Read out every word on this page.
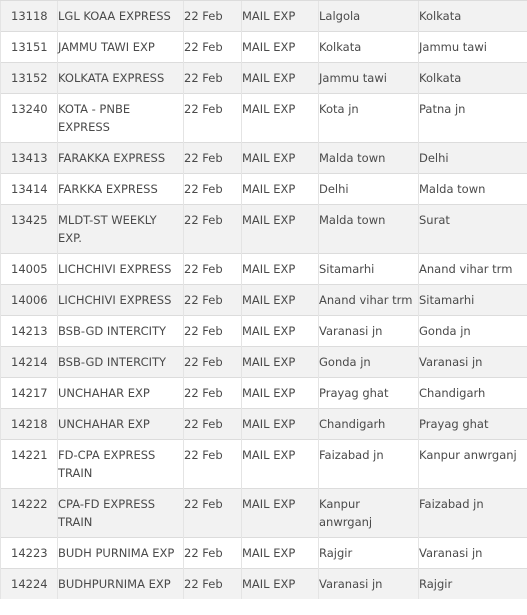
13118	LGL KOAA EXPRESS	22 Feb	MAIL EXP	Lalgola	Kolkata
13151	JAMMU TAWI EXP	22 Feb	MAIL EXP	Kolkata	Jammu tawi
13152	KOLKATA EXPRESS	22 Feb	MAIL EXP	Jammu tawi	Kolkata
13240	KOTA - PNBE EXPRESS	22 Feb	MAIL EXP	Kota jn	Patna jn
13413	FARAKKA EXPRESS	22 Feb	MAIL EXP	Malda town	Delhi
13414	FARKKA EXPRESS	22 Feb	MAIL EXP	Delhi	Malda town
13425	MLDT-ST WEEKLY EXP.	22 Feb	MAIL EXP	Malda town	Surat
14005	LICHCHIVI EXPRESS	22 Feb	MAIL EXP	Sitamarhi	Anand vihar trm
14006	LICHCHIVI EXPRESS	22 Feb	MAIL EXP	Anand vihar trm	Sitamarhi
14213	BSB-GD INTERCITY	22 Feb	MAIL EXP	Varanasi jn	Gonda jn
14214	BSB-GD INTERCITY	22 Feb	MAIL EXP	Gonda jn	Varanasi jn
14217	UNCHAHAR EXP	22 Feb	MAIL EXP	Prayag ghat	Chandigarh
14218	UNCHAHAR EXP	22 Feb	MAIL EXP	Chandigarh	Prayag ghat
14221	FD-CPA EXPRESS TRAIN	22 Feb	MAIL EXP	Faizabad jn	Kanpur anwrganj
14222	CPA-FD EXPRESS TRAIN	22 Feb	MAIL EXP	Kanpur anwrganj	Faizabad jn
14223	BUDH PURNIMA EXP	22 Feb	MAIL EXP	Rajgir	Varanasi jn
14224	BUDHPURNIMA EXP	22 Feb	MAIL EXP	Varanasi jn	Rajgir
